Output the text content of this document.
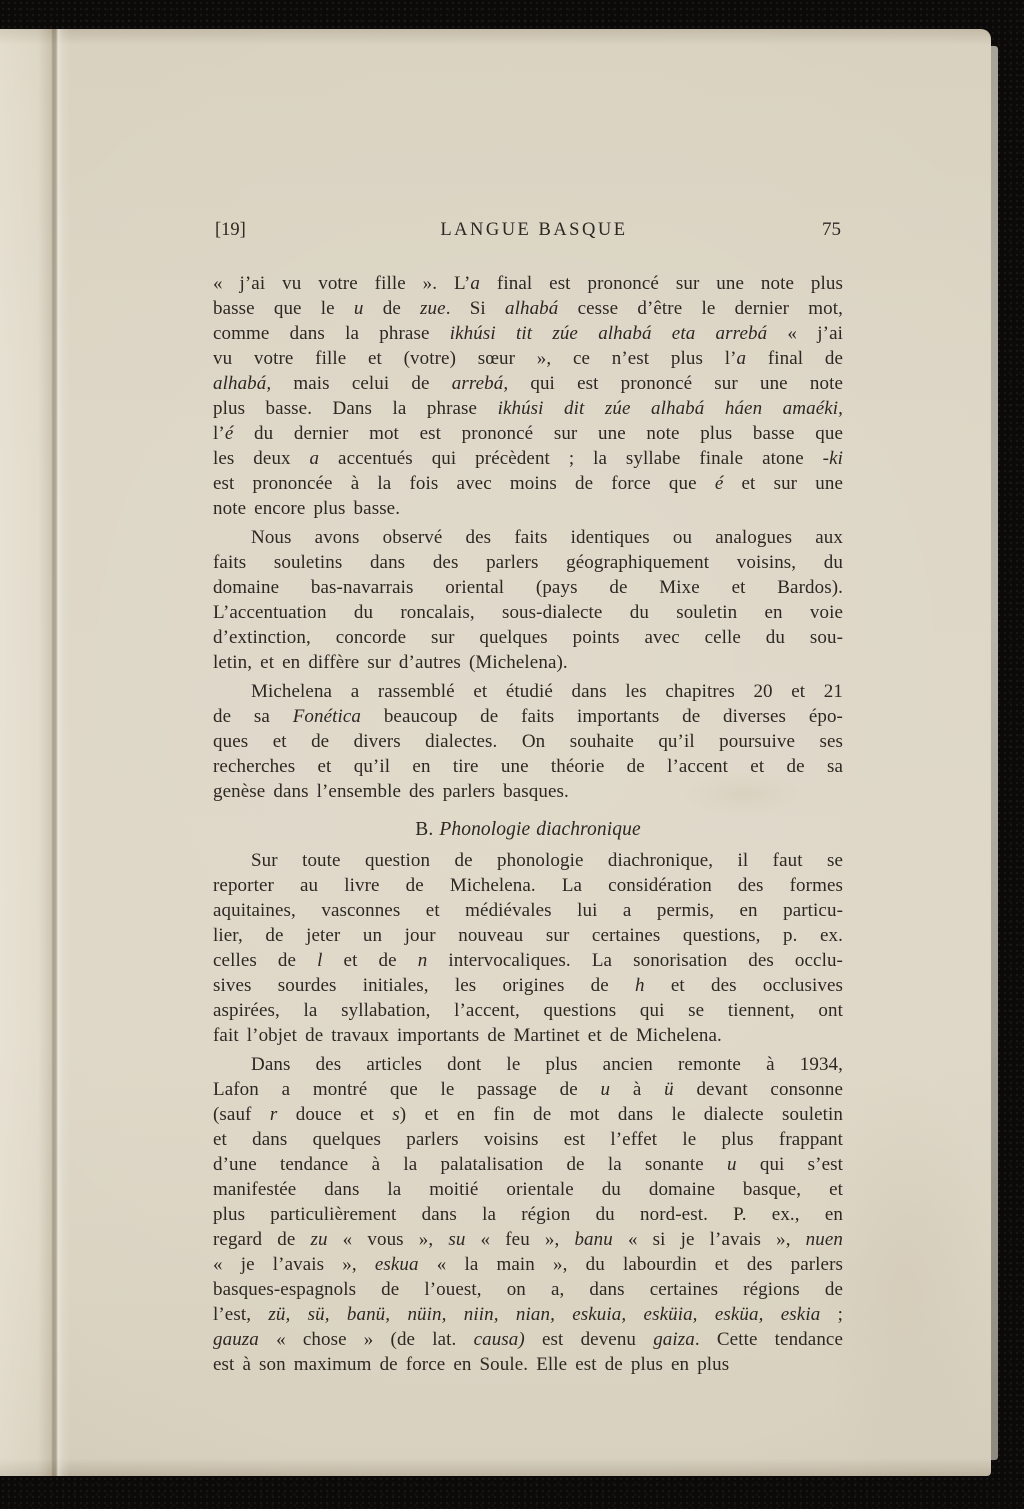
[19]	LANGUE BASQUE	75
« j’ai vu votre fille ». L’a final est prononcé sur une note plus
basse que le u de zue. Si alhabá cesse d’être le dernier mot,
comme dans la phrase ikhúsi tit zúe alhabá eta arrebá « j’ai
vu votre fille et (votre) sœur », ce n’est plus l’a final de
alhabá, mais celui de arrebá, qui est prononcé sur une note
plus basse. Dans la phrase ikhúsi dit zúe alhabá háen amaéki,
l’é du dernier mot est prononcé sur une note plus basse que
les deux a accentués qui précèdent ; la syllabe finale atone -ki
est prononcée à la fois avec moins de force que é et sur une
note encore plus basse.
Nous avons observé des faits identiques ou analogues aux
faits souletins dans des parlers géographiquement voisins, du
domaine bas-navarrais oriental (pays de Mixe et Bardos).
L’accentuation du roncalais, sous-dialecte du souletin en voie
d’extinction, concorde sur quelques points avec celle du sou-
letin, et en diffère sur d’autres (Michelena).
Michelena a rassemblé et étudié dans les chapitres 20 et 21
de sa Fonética beaucoup de faits importants de diverses épo-
ques et de divers dialectes. On souhaite qu’il poursuive ses
recherches et qu’il en tire une théorie de l’accent et de sa
genèse dans l’ensemble des parlers basques.
B. Phonologie diachronique
Sur toute question de phonologie diachronique, il faut se
reporter au livre de Michelena. La considération des formes
aquitaines, vasconnes et médiévales lui a permis, en particu-
lier, de jeter un jour nouveau sur certaines questions, p. ex.
celles de l et de n intervocaliques. La sonorisation des occlu-
sives sourdes initiales, les origines de h et des occlusives
aspirées, la syllabation, l’accent, questions qui se tiennent, ont
fait l’objet de travaux importants de Martinet et de Michelena.
Dans des articles dont le plus ancien remonte à 1934,
Lafon a montré que le passage de u à ü devant consonne
(sauf r douce et s) et en fin de mot dans le dialecte souletin
et dans quelques parlers voisins est l’effet le plus frappant
d’une tendance à la palatalisation de la sonante u qui s’est
manifestée dans la moitié orientale du domaine basque, et
plus particulièrement dans la région du nord-est. P. ex., en
regard de zu « vous », su « feu », banu « si je l’avais », nuen
« je l’avais », eskua « la main », du labourdin et des parlers
basques-espagnols de l’ouest, on a, dans certaines régions de
l’est, zü, sü, banü, nüin, niin, nian, eskuia, esküia, esküa, eskia ;
gauza « chose » (de lat. causa) est devenu gaiza. Cette tendance
est à son maximum de force en Soule. Elle est de plus en plus
